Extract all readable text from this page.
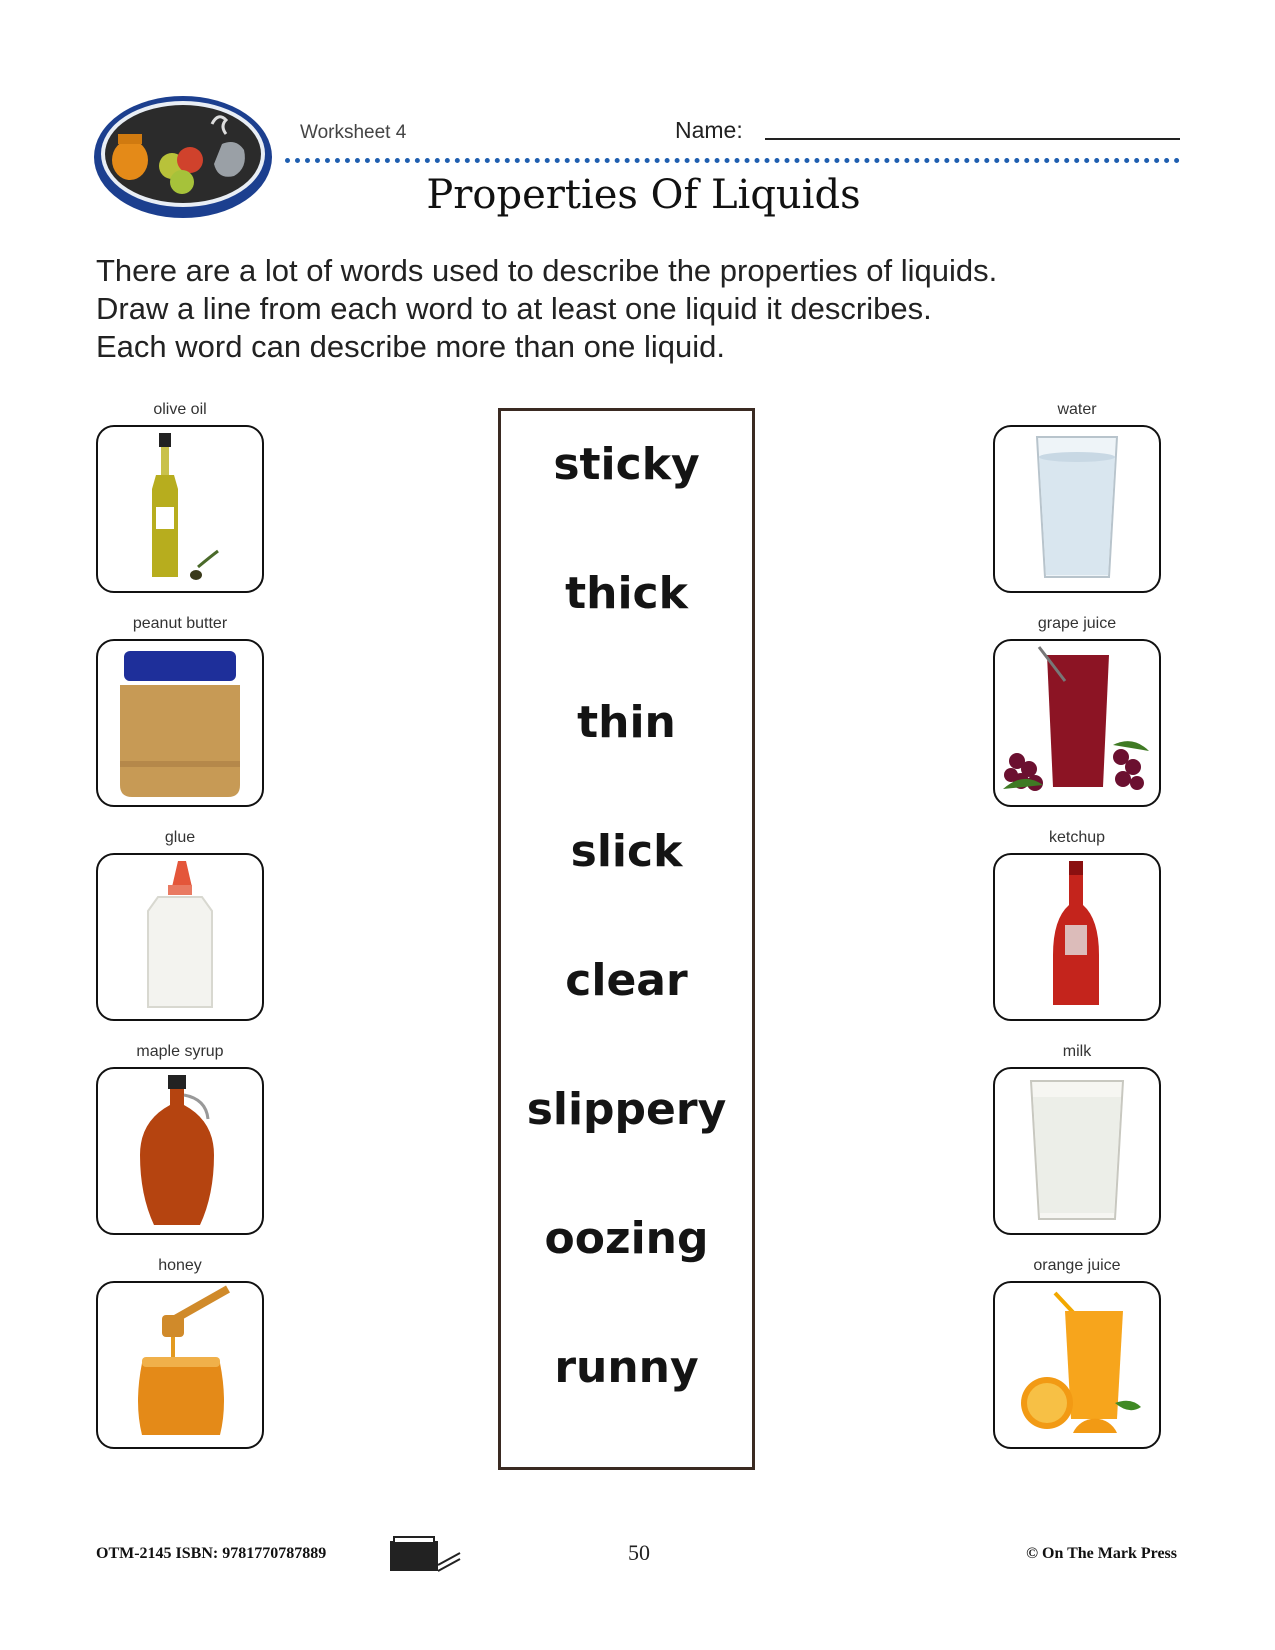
Worksheet 4	Name:
Properties Of Liquids
There are a lot of words used to describe the properties of liquids.
Draw a line from each word to at least one liquid it describes.
Each word can describe more than one liquid.
olive oil
peanut butter
glue
maple syrup
honey
sticky
thick
thin
slick
clear
slippery
oozing
runny
water
grape juice
ketchup
milk
orange juice
OTM-2145 ISBN: 9781770787889	50	© On The Mark Press
